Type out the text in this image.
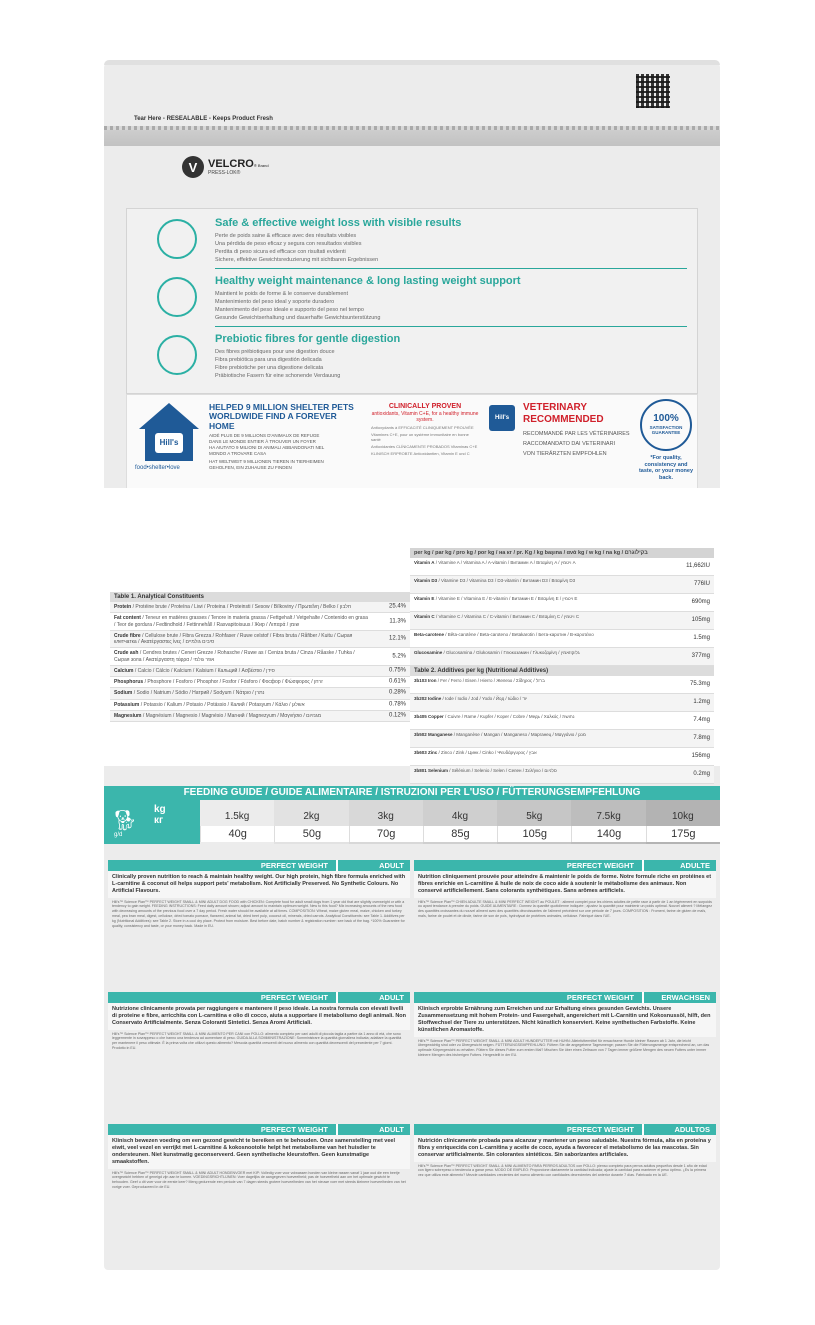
Tear Here - RESEALABLE - Keeps Product Fresh
V VELCRO® Brand
PRESS-LOK®
Safe & effective weight loss with visible results
Perte de poids saine & efficace avec des résultats visibles
Una pérdida de peso eficaz y segura con resultados visibles
Perdita di peso sicura ed efficace con risultati evidenti
Sichere, effektive Gewichtsreduzierung mit sichtbaren Ergebnissen
Healthy weight maintenance & long lasting weight support
Maintient le poids de forme & le conserve durablement
Mantenimiento del peso ideal y soporte duradero
Mantenimento del peso ideale e supporto del peso nel tempo
Gesunde Gewichtserhaltung und dauerhafte Gewichtsunterstützung
Prebiotic fibres for gentle digestion
Des fibres prébiotiques pour une digestion douce
Fibra prebiótica para una digestión delicada
Fibre prebiotiche per una digestione delicata
Präbiotische Fasern für eine schonende Verdauung
Hill's
food•shelter•love
HELPED 9 MILLION SHELTER PETS WORLDWIDE FIND A FOREVER HOME
AIDÉ PLUS DE 9 MILLIONS D'ANIMAUX DE REFUGE
DANS LE MONDE ENTIER À TROUVER UN FOYER
HA AIUTATO 9 MILIONI DI ANIMALI ABBANDONATI NEL
MONDO A TROVARE CASA
HAT WELTWEIT 9 MILLIONEN TIEREN IN TIERHEIMEN
GEHOLFEN, EIN ZUHAUSE ZU FINDEN
CLINICALLY PROVEN
antioxidants, Vitamin C+E, for a healthy immune system.
Antioxydants à EFFICACITÉ CLINIQUEMENT PROUVÉE
Vitamines C+E, pour un système immunitaire en bonne santé
Antioxidantes CLÍNICAMENTE PROBADOS Vitaminas C+E
KLINISCH ERPROBTE Antioxidantien, Vitamin E und C
Hill's
VETERINARY
RECOMMENDED
RECOMMANDÉ PAR LES VÉTÉRINAIRES
RACCOMANDATO DAI VETERINARI
VON TIERÄRZTEN EMPFOHLEN
100%
SATISFACTION GUARANTEE
*For quality, consistency and taste, or your money back.
Table 1. Analytical Constituents
Protein / Protéine brute / Proteína / Liwi / Proteina / Proteinsti / Sesow / Bílkoviny / Πρωτεΐνη / Belko / חלבון	25.4%
Fat content / Teneur en matières grasses / Tenore in materia grassa / Fettgehalt / Vetgehalte / Contenido en grasa / Teor de gordura / Fedtindhold / Fettinnehåll / Rasvapitoisuus / Жир / Λιπαρά / שומן
11.3%
Crude fibre / Cellulose brute / Fibra Grezza / Rohfaser / Ruwe celstof / Fibra bruta / Råfiber / Kuitu / Сырая клетчатка / Ακατέργαστες ίνες / סיבים גולמיים
12.1%
Crude ash / Cendres brutes / Ceneri Grezze / Rohasche / Ruwe as / Ceniza bruta / Cinza / Råaske / Tuhka / Сырая зола / Ακατέργαστη τέφρα / אפר גולמי
5.2%
Calcium / Calcio / Cálcio / Kalcium / Kalsium / Кальций / Ασβέστιο / סידן	0.75%
Phosphorus / Phosphore / Fosforo / Phosphor / Fosfor / Fósforo / Фосфор / Φώσφορος / זרחן	0.61%
Sodium / Sodio / Natrium / Sódio / Натрий / Sodyum / Νάτριο / נתרן	0.28%
Potassium / Potassio / Kalium / Potasio / Potássio / Калий / Potasyum / Κάλιο / אשלגן	0.78%
Magnesium / Magnésium / Magnesio / Magnésio / Магний / Magnezyum / Μαγνήσιο / מגנזיום	0.12%
per kg / par kg / pro kg / por kg / на кг / pr. Kg / kg başına / ανά kg / w kg / na kg / בקילוגרם
Vitamin A / Vitamine A / Vitamina A / A-vitamin / Витамин A / Βιταμίνη A / ויטמין A
11,662IU
Vitamin D3 / Vitamine D3 / Vitamina D3 / D3-vitamin / Витамин D3 / Βιταμίνη D3
776IU
Vitamin E / Vitamine E / Vitamina E / E-vitamin / Витамин E / Βιταμίνη E / ויטמין E
690mg
Vitamin C / Vitamine C / Vitamina C / C-vitamin / Витамин C / Βιταμίνη C / ויטמין C
105mg
Beta-carotene / Bêta-carotène / Beta-caroteno / Betakarotin / Бета-каротин / Β-καροτένιο
1.5mg
Glucosamine / Glucosamina / Glukosamin / Глюкозамин / Γλυκοζαμίνη / גלוקוזאמין
377mg
Table 2. Additives per kg (Nutritional Additives)
3b103 Iron / Fer / Ferro / Eisen / Hierro / Железо / Σίδηρος / ברזל
75.3mg
3b202 Iodine / Iode / Iodio / Jod / Yodo / Йод / Ιώδιο / יוד
1.2mg
3b405 Copper / Cuivre / Rame / Kupfer / Koper / Cobre / Медь / Χαλκός / נחושת
7.4mg
3b502 Manganese / Manganèse / Mangan / Manganeso / Марганец / Μαγγάνιο / מנגן
7.8mg
3b603 Zinc / Zinco / Zink / Цинк / Cinko / Ψευδάργυρος / אבץ
156mg
3b801 Selenium / Sélénium / Selenio / Selen / Селен / Σελήνιο / סלניום
0.2mg
FEEDING GUIDE / GUIDE ALIMENTAIRE / ISTRUZIONI PER L'USO / FÜTTERUNGSEMPFEHLUNG
🐕︎
kg
кг
g/d
1.5kg
40g
2kg
50g
3kg
70g
4kg
85g
5kg
105g
7.5kg
140g
10kg
175g
PERFECT WEIGHT	ADULT
Clinically proven nutrition to reach & maintain healthy weight. Our high protein, high fibre formula enriched with L-carnitine & coconut oil helps support pets' metabolism. Not Artificially Preserved. No Synthetic Colours. No Artificial Flavours.
Hill's™ Science Plan™ PERFECT WEIGHT SMALL & MINI ADULT DOG FOOD with CHICKEN: Complete food for adult small dogs from 1 year old that are slightly overweight or with a tendency to gain weight. FEEDING INSTRUCTIONS: Feed daily amount shown; adjust amount to maintain optimum weight. New to this food? Mix increasing amounts of the new food with decreasing amounts of the previous food over a 7 day period. Fresh water should be available at all times. COMPOSITION: Wheat, maize gluten meal, maize, chicken and turkey meal, pea bran meal, digest, cellulose, dried tomato pomace, flaxseed, animal fat, dried beet pulp, coconut oil, minerals, dried carrots. Analytical Constituents: see Table 1. Additives per kg (Nutritional Additives): see Table 2. Store in a cool dry place. Protect from moisture. Best before date, batch number & registration number: see back of the bag. *100% Guarantee for quality, consistency and taste, or your money back. Made in EU.
PERFECT WEIGHT	ADULTE
Nutrition cliniquement prouvée pour atteindre & maintenir le poids de forme. Notre formule riche en protéines et fibres enrichie en L-carnitine & huile de noix de coco aide à soutenir le métabolisme des animaux. Non conservé artificiellement. Sans colorants synthétiques. Sans arômes artificiels.
Hill's™ Science Plan™ CHIEN ADULTE SMALL & MINI PERFECT WEIGHT au POULET : aliment complet pour les chiens adultes de petite race à partir de 1 an légèrement en surpoids ou ayant tendance à prendre du poids. GUIDE ALIMENTAIRE : Donnez la quantité quotidienne indiquée ; ajustez la quantité pour maintenir un poids optimal. Nouvel aliment ? Mélangez des quantités croissantes du nouvel aliment avec des quantités décroissantes de l'aliment précédent sur une période de 7 jours. COMPOSITION : Froment, farine de gluten de maïs, maïs, farine de poulet et de dinde, farine de son de pois, hydrolysat de protéines animales, cellulose. Fabriqué dans l'UE.
PERFECT WEIGHT	ADULT
Nutrizione clinicamente provata per raggiungere e mantenere il peso ideale. La nostra formula con elevati livelli di proteine e fibre, arricchita con L-carnitina e olio di cocco, aiuta a supportare il metabolismo degli animali. Non Conservato Artificialmente. Senza Coloranti Sintetici. Senza Aromi Artificiali.
Hill's™ Science Plan™ PERFECT WEIGHT SMALL & MINI ALIMENTO PER CANI con POLLO: alimento completo per cani adulti di piccola taglia a partire da 1 anno di età, che sono leggermente in sovrappeso o che hanno una tendenza ad aumentare di peso. GUIDA ALLA SOMMINISTRAZIONE: Somministrare la quantità giornaliera indicata; adattare la quantità per mantenere il peso ottimale. È la prima volta che utilizzi questo alimento? Mescola quantità crescenti del nuovo alimento con quantità decrescenti del precedente per 7 giorni. Prodotto in EU.
PERFECT WEIGHT	ERWACHSEN
Klinisch erprobte Ernährung zum Erreichen und zur Erhaltung eines gesunden Gewichts. Unsere Zusammensetzung mit hohem Protein- und Fasergehalt, angereichert mit L-Carnitin und Kokosnussöl, hilft, den Stoffwechsel der Tiere zu unterstützen. Nicht künstlich konserviert. Keine synthetischen Farbstoffe. Keine künstlichen Aromastoffe.
Hill's™ Science Plan™ PERFECT WEIGHT SMALL & MINI ADULT HUNDEFUTTER mit HUHN: Alleinfuttermittel für erwachsene Hunde kleiner Rassen ab 1 Jahr, die leicht übergewichtig sind oder zu Übergewicht neigen. FÜTTERUNGSEMPFEHLUNG: Füttern Sie die angegebene Tagesmenge; passen Sie die Fütterungsmenge entsprechend an, um das optimale Körpergewicht zu erhalten. Füttern Sie dieses Futter zum ersten Mal? Mischen Sie über einen Zeitraum von 7 Tagen immer größere Mengen des neuen Futters unter immer kleinere Mengen des bisherigen Futters. Hergestellt in der EU.
PERFECT WEIGHT	ADULT
Klinisch bewezen voeding om een gezond gewicht te bereiken en te behouden. Onze samenstelling met veel eiwit, veel vezel en verrijkt met L-carnitine & kokosnootolie helpt het metabolisme van het huisdier te ondersteunen. Niet kunstmatig geconserveerd. Geen synthetische kleurstoffen. Geen kunstmatige smaakstoffen.
Hill's™ Science Plan™ PERFECT WEIGHT SMALL & MINI ADULT HONDENVOER met KIP: Volledig voer voor volwassen honden van kleine rassen vanaf 1 jaar oud die een beetje overgewicht hebben of geneigd zijn aan te komen. VOEDINGSRICHTLIJNEN: Voer dagelijks de aangegeven hoeveelheid; pas de hoeveelheid aan om het optimale gewicht te behouden. Geef u dit voer voor de eerste keer? Meng gedurende een periode van 7 dagen steeds grotere hoeveelheden van het nieuwe voer met steeds kleinere hoeveelheden van het vorige voer. Geproduceerd in de EU.
PERFECT WEIGHT	ADULTOS
Nutrición clínicamente probada para alcanzar y mantener un peso saludable. Nuestra fórmula, alta en proteína y fibra y enriquecida con L-carnitina y aceite de coco, ayuda a favorecer el metabolismo de las mascotas. Sin conservar artificialmente. Sin colorantes sintéticos. Sin saborizantes artificiales.
Hill's™ Science Plan™ PERFECT WEIGHT SMALL & MINI ALIMENTO PARA PERROS ADULTOS con POLLO: pienso completo para perros adultos pequeños desde 1 año de edad con ligero sobrepeso o tendencia a ganar peso. MODO DE EMPLEO: Proporcione diariamente la cantidad indicada; ajuste la cantidad para mantener el peso óptimo. ¿Es la primera vez que utiliza este alimento? Mezcle cantidades crecientes del nuevo alimento con cantidades decrecientes del anterior durante 7 días. Fabricado en la UE.
